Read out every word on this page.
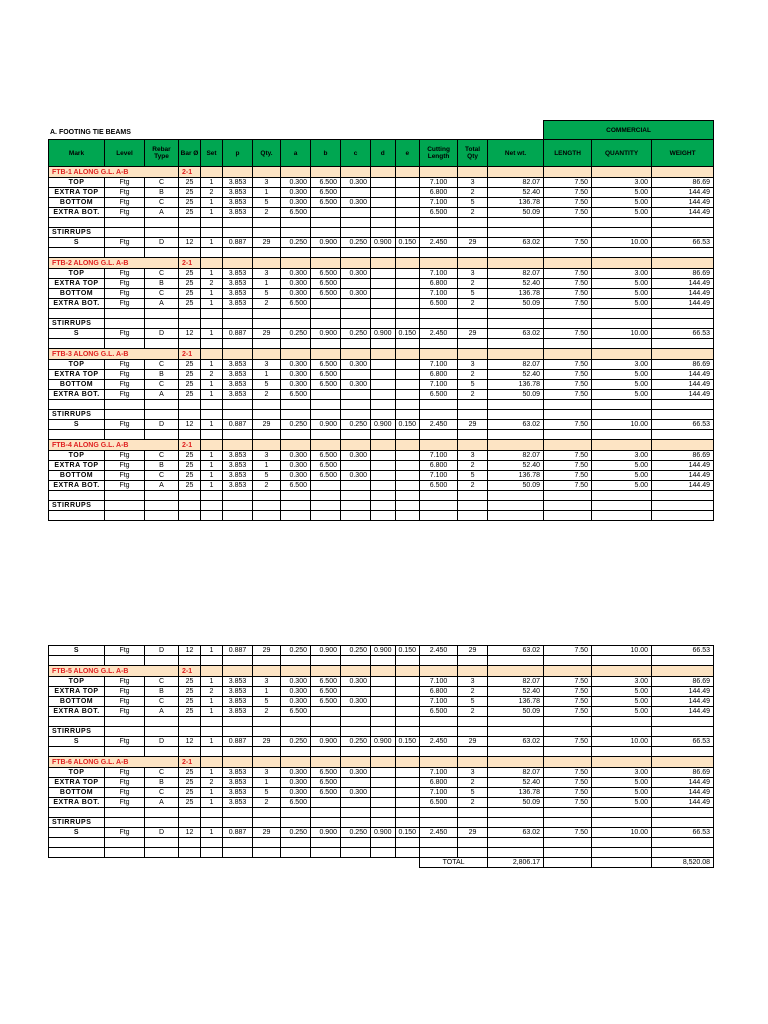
A. FOOTING TIE BEAMS
															COMMERCIAL		
Mark	Level	Rebar Type	Bar Ø	Set	p	Qty.	a	b	c	d	e	Cutting Length	Total Qty	Net wt.	LENGTH	QUANTITY	WEIGHT
FTB-1 ALONG G.L. A-B			2-1														
TOP	Ftg	C	25	1	3.853	3	0.300	6.500	0.300			7.100	3	82.07	7.50	3.00	86.69
EXTRA TOP	Ftg	B	25	2	3.853	1	0.300	6.500				6.800	2	52.40	7.50	5.00	144.49
BOTTOM	Ftg	C	25	1	3.853	5	0.300	6.500	0.300			7.100	5	136.78	7.50	5.00	144.49
EXTRA BOT.	Ftg	A	25	1	3.853	2	6.500					6.500	2	50.09	7.50	5.00	144.49

STIRRUPS																	
S	Ftg	D	12	1	0.887	29	0.250	0.900	0.250	0.900	0.150	2.450	29	63.02	7.50	10.00	66.53

FTB-2 ALONG G.L. A-B			2-1														
TOP	Ftg	C	25	1	3.853	3	0.300	6.500	0.300			7.100	3	82.07	7.50	3.00	86.69
EXTRA TOP	Ftg	B	25	2	3.853	1	0.300	6.500				6.800	2	52.40	7.50	5.00	144.49
BOTTOM	Ftg	C	25	1	3.853	5	0.300	6.500	0.300			7.100	5	136.78	7.50	5.00	144.49
EXTRA BOT.	Ftg	A	25	1	3.853	2	6.500					6.500	2	50.09	7.50	5.00	144.49

STIRRUPS																	
S	Ftg	D	12	1	0.887	29	0.250	0.900	0.250	0.900	0.150	2.450	29	63.02	7.50	10.00	66.53

FTB-3 ALONG G.L. A-B			2-1														
TOP	Ftg	C	25	1	3.853	3	0.300	6.500	0.300			7.100	3	82.07	7.50	3.00	86.69
EXTRA TOP	Ftg	B	25	2	3.853	1	0.300	6.500				6.800	2	52.40	7.50	5.00	144.49
BOTTOM	Ftg	C	25	1	3.853	5	0.300	6.500	0.300			7.100	5	136.78	7.50	5.00	144.49
EXTRA BOT.	Ftg	A	25	1	3.853	2	6.500					6.500	2	50.09	7.50	5.00	144.49

STIRRUPS																	
S	Ftg	D	12	1	0.887	29	0.250	0.900	0.250	0.900	0.150	2.450	29	63.02	7.50	10.00	66.53

FTB-4 ALONG G.L. A-B			2-1														
TOP	Ftg	C	25	1	3.853	3	0.300	6.500	0.300			7.100	3	82.07	7.50	3.00	86.69
EXTRA TOP	Ftg	B	25	1	3.853	1	0.300	6.500				6.800	2	52.40	7.50	5.00	144.49
BOTTOM	Ftg	C	25	1	3.853	5	0.300	6.500	0.300			7.100	5	136.78	7.50	5.00	144.49
EXTRA BOT.	Ftg	A	25	1	3.853	2	6.500					6.500	2	50.09	7.50	5.00	144.49

STIRRUPS																	

S	Ftg	D	12	1	0.887	29	0.250	0.900	0.250	0.900	0.150	2.450	29	63.02	7.50	10.00	66.53

FTB-5 ALONG G.L. A-B			2-1														
TOP	Ftg	C	25	1	3.853	3	0.300	6.500	0.300			7.100	3	82.07	7.50	3.00	86.69
EXTRA TOP	Ftg	B	25	2	3.853	1	0.300	6.500				6.800	2	52.40	7.50	5.00	144.49
BOTTOM	Ftg	C	25	1	3.853	5	0.300	6.500	0.300			7.100	5	136.78	7.50	5.00	144.49
EXTRA BOT.	Ftg	A	25	1	3.853	2	6.500					6.500	2	50.09	7.50	5.00	144.49

STIRRUPS																	
S	Ftg	D	12	1	0.887	29	0.250	0.900	0.250	0.900	0.150	2.450	29	63.02	7.50	10.00	66.53

FTB-6 ALONG G.L. A-B			2-1														
TOP	Ftg	C	25	1	3.853	3	0.300	6.500	0.300			7.100	3	82.07	7.50	3.00	86.69
EXTRA TOP	Ftg	B	25	2	3.853	1	0.300	6.500				6.800	2	52.40	7.50	5.00	144.49
BOTTOM	Ftg	C	25	1	3.853	5	0.300	6.500	0.300			7.100	5	136.78	7.50	5.00	144.49
EXTRA BOT.	Ftg	A	25	1	3.853	2	6.500					6.500	2	50.09	7.50	5.00	144.49

STIRRUPS																	
S	Ftg	D	12	1	0.887	29	0.250	0.900	0.250	0.900	0.150	2.450	29	63.02	7.50	10.00	66.53

												TOTAL		2,806.17			8,520.08
